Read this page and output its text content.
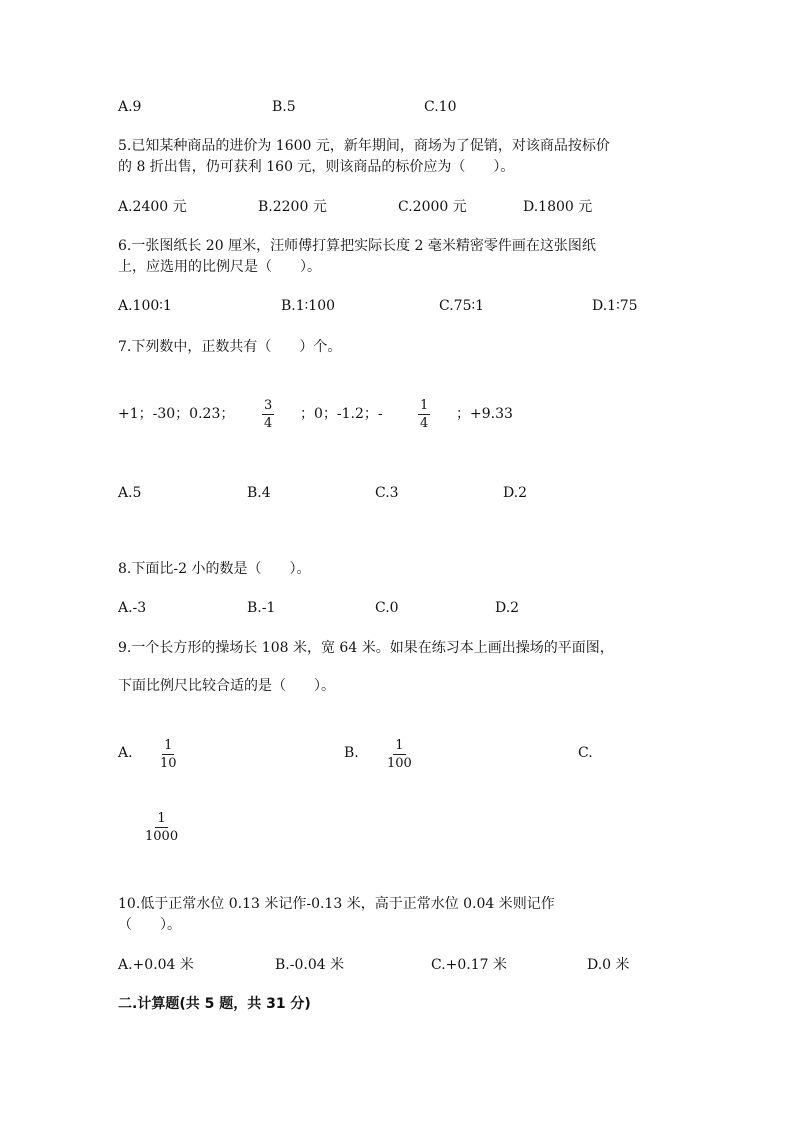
A.9	B.5	C.10
5.已知某种商品的进价为 1600 元，新年期间，商场为了促销，对该商品按标价
的 8 折出售，仍可获利 160 元，则该商品的标价应为（　　）。
A.2400 元	B.2200 元	C.2000 元	D.1800 元
6.一张图纸长 20 厘米，汪师傅打算把实际长度 2 毫米精密零件画在这张图纸
上，应选用的比例尺是（　　）。
A.100∶1	B.1∶100	C.75∶1	D.1∶75
7.下列数中，正数共有（　　）个。
+1；-30；0.23； $\frac{3}{4}$ ；0；-1.2；-	$\frac{1}{4}$ ；+9.33
A.5	B.4	C.3	D.2
8.下面比-2 小的数是（　　）。
A.-3	B.-1	C.0	D.2
9.一个长方形的操场长 108 米，宽 64 米。如果在练习本上画出操场的平面图，
下面比例尺比较合适的是（　　）。
A. $\frac{1}{10}$	B. $\frac{1}{100}$	C.
$\frac{1}{1000}$
10.低于正常水位 0.13 米记作-0.13 米，高于正常水位 0.04 米则记作
（　　）。
A.+0.04 米	B.-0.04 米	C.+0.17 米	D.0 米
二.计算题(共 5 题，共 31 分)
